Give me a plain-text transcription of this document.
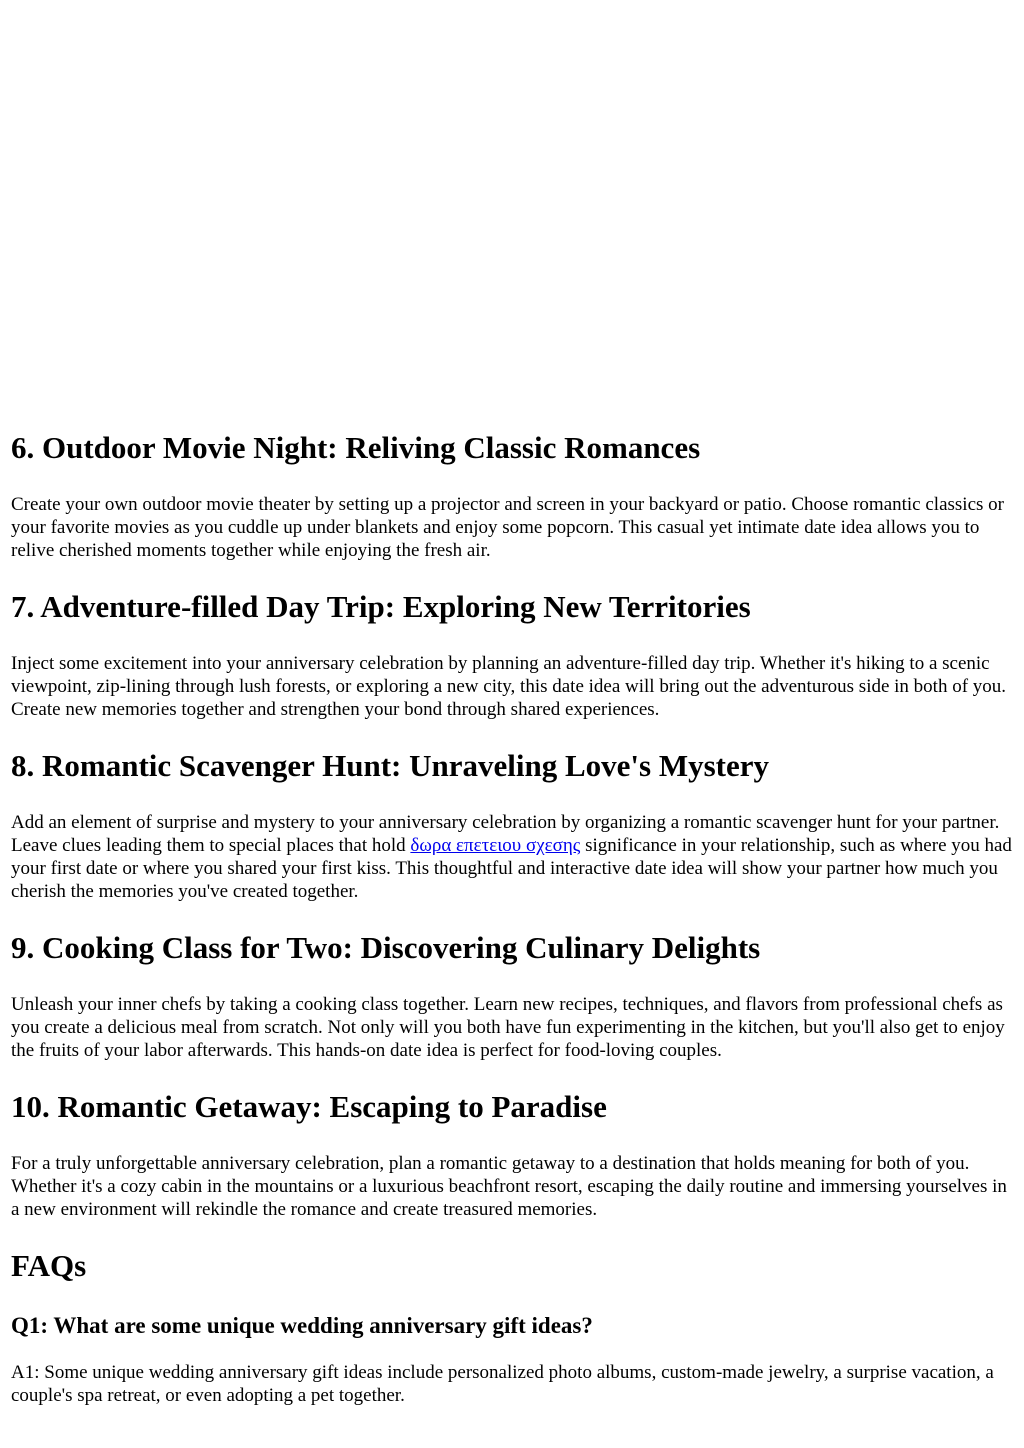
6. Outdoor Movie Night: Reliving Classic Romances

Create your own outdoor movie theater by setting up a projector and screen in your backyard or patio. Choose romantic classics or your favorite movies as you cuddle up under blankets and enjoy some popcorn. This casual yet intimate date idea allows you to relive cherished moments together while enjoying the fresh air.

7. Adventure-filled Day Trip: Exploring New Territories

Inject some excitement into your anniversary celebration by planning an adventure-filled day trip. Whether it's hiking to a scenic viewpoint, zip-lining through lush forests, or exploring a new city, this date idea will bring out the adventurous side in both of you. Create new memories together and strengthen your bond through shared experiences.

8. Romantic Scavenger Hunt: Unraveling Love's Mystery

Add an element of surprise and mystery to your anniversary celebration by organizing a romantic scavenger hunt for your partner. Leave clues leading them to special places that hold δωρα επετειου σχεσης significance in your relationship, such as where you had your first date or where you shared your first kiss. This thoughtful and interactive date idea will show your partner how much you cherish the memories you've created together.

9. Cooking Class for Two: Discovering Culinary Delights

Unleash your inner chefs by taking a cooking class together. Learn new recipes, techniques, and flavors from professional chefs as you create a delicious meal from scratch. Not only will you both have fun experimenting in the kitchen, but you'll also get to enjoy the fruits of your labor afterwards. This hands-on date idea is perfect for food-loving couples.

10. Romantic Getaway: Escaping to Paradise

For a truly unforgettable anniversary celebration, plan a romantic getaway to a destination that holds meaning for both of you. Whether it's a cozy cabin in the mountains or a luxurious beachfront resort, escaping the daily routine and immersing yourselves in a new environment will rekindle the romance and create treasured memories.

FAQs
Q1: What are some unique wedding anniversary gift ideas?

A1: Some unique wedding anniversary gift ideas include personalized photo albums, custom-made jewelry, a surprise vacation, a couple's spa retreat, or even adopting a pet together.
